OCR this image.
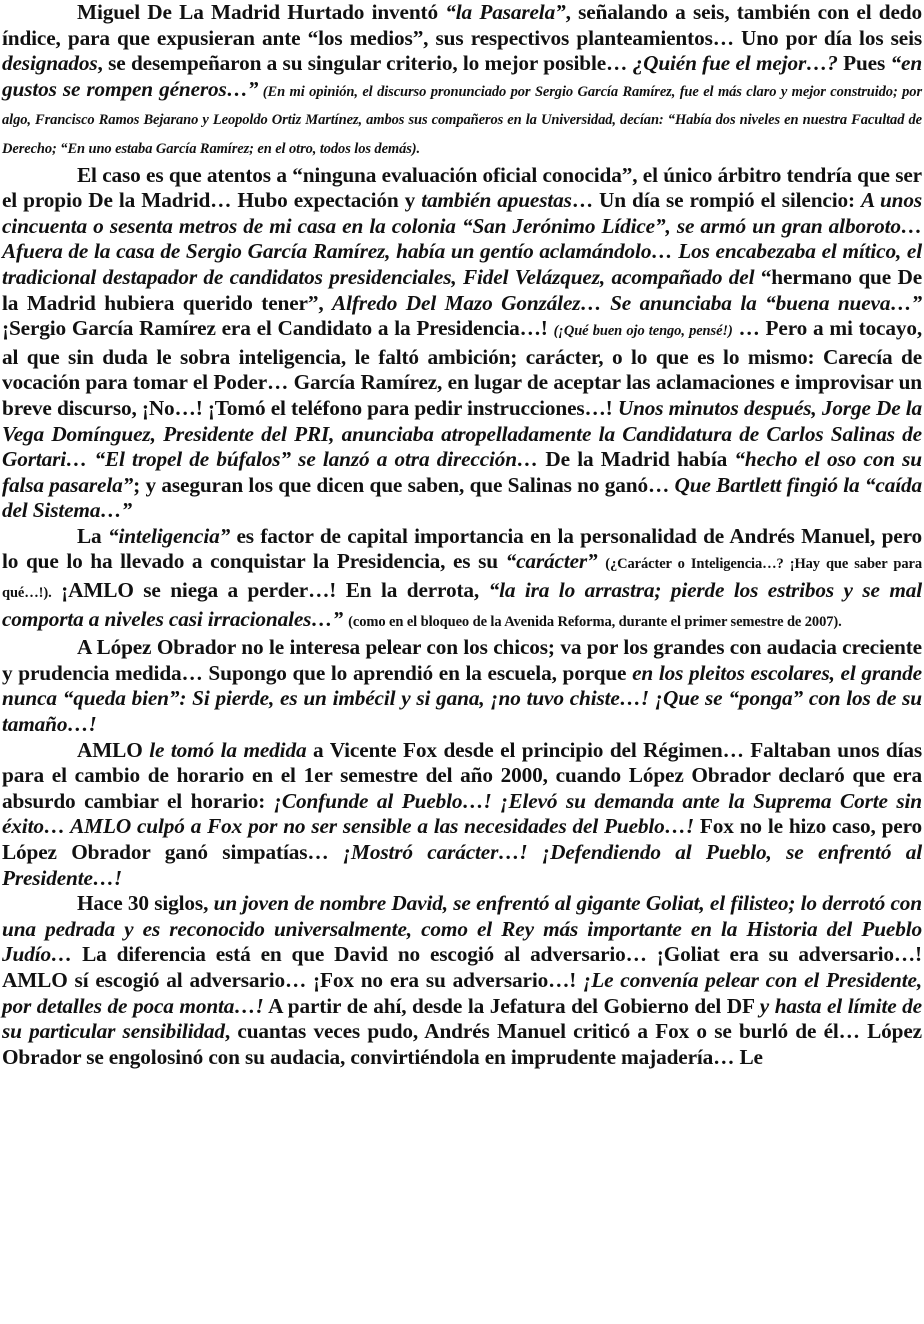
Miguel De La Madrid Hurtado inventó “la Pasarela”, señalando a seis, también con el dedo índice, para que expusieran ante “los medios”, sus respectivos planteamientos… Uno por día los seis designados, se desempeñaron a su singular criterio, lo mejor posible… ¿Quién fue el mejor…? Pues “en gustos se rompen géneros…” (En mi opinión, el discurso pronunciado por Sergio García Ramírez, fue el más claro y mejor construido; por algo, Francisco Ramos Bejarano y Leopoldo Ortiz Martínez, ambos sus compañeros en la Universidad, decían: “Había dos niveles en nuestra Facultad de Derecho; “En uno estaba García Ramírez; en el otro, todos los demás).

El caso es que atentos a “ninguna evaluación oficial conocida”, el único árbitro tendría que ser el propio De la Madrid… Hubo expectación y también apuestas… Un día se rompió el silencio: A unos cincuenta o sesenta metros de mi casa en la colonia “San Jerónimo Lídice”, se armó un gran alboroto… Afuera de la casa de Sergio García Ramírez, había un gentío aclamándolo… Los encabezaba el mítico, el tradicional destapador de candidatos presidenciales, Fidel Velázquez, acompañado del “hermano que De la Madrid hubiera querido tener”, Alfredo Del Mazo González… Se anunciaba la “buena nueva…” ¡Sergio García Ramírez era el Candidato a la Presidencia…! (¡Qué buen ojo tengo, pensé!) … Pero a mi tocayo, al que sin duda le sobra inteligencia, le faltó ambición; carácter, o lo que es lo mismo: Carecía de vocación para tomar el Poder… García Ramírez, en lugar de aceptar las aclamaciones e improvisar un breve discurso, ¡No…! ¡Tomó el teléfono para pedir instrucciones…! Unos minutos después, Jorge De la Vega Domínguez, Presidente del PRI, anunciaba atropelladamente la Candidatura de Carlos Salinas de Gortari… “El tropel de búfalos” se lanzó a otra dirección… De la Madrid había “hecho el oso con su falsa pasarela”; y aseguran los que dicen que saben, que Salinas no ganó… Que Bartlett fingió la “caída del Sistema…”

La “inteligencia” es factor de capital importancia en la personalidad de Andrés Manuel, pero lo que lo ha llevado a conquistar la Presidencia, es su “carácter” (¿Carácter o Inteligencia…? ¡Hay que saber para qué…!). ¡AMLO se niega a perder…! En la derrota, “la ira lo arrastra; pierde los estribos y se mal comporta a niveles casi irracionales…” (como en el bloqueo de la Avenida Reforma, durante el primer semestre de 2007).

A López Obrador no le interesa pelear con los chicos; va por los grandes con audacia creciente y prudencia medida… Supongo que lo aprendió en la escuela, porque en los pleitos escolares, el grande nunca “queda bien”: Si pierde, es un imbécil y si gana, ¡no tuvo chiste…! ¡Que se “ponga” con los de su tamaño…!

AMLO le tomó la medida a Vicente Fox desde el principio del Régimen… Faltaban unos días para el cambio de horario en el 1er semestre del año 2000, cuando López Obrador declaró que era absurdo cambiar el horario: ¡Confunde al Pueblo…! ¡Elevó su demanda ante la Suprema Corte sin éxito… AMLO culpó a Fox por no ser sensible a las necesidades del Pueblo…! Fox no le hizo caso, pero López Obrador ganó simpatías… ¡Mostró carácter…! ¡Defendiendo al Pueblo, se enfrentó al Presidente…!

Hace 30 siglos, un joven de nombre David, se enfrentó al gigante Goliat, el filisteo; lo derrotó con una pedrada y es reconocido universalmente, como el Rey más importante en la Historia del Pueblo Judío… La diferencia está en que David no escogió al adversario… ¡Goliat era su adversario…! AMLO sí escogió al adversario… ¡Fox no era su adversario…! ¡Le convenía pelear con el Presidente, por detalles de poca monta…! A partir de ahí, desde la Jefatura del Gobierno del DF y hasta el límite de su particular sensibilidad, cuantas veces pudo, Andrés Manuel criticó a Fox o se burló de él… López Obrador se engolosinó con su audacia, convirtiéndola en imprudente majadería… Le
